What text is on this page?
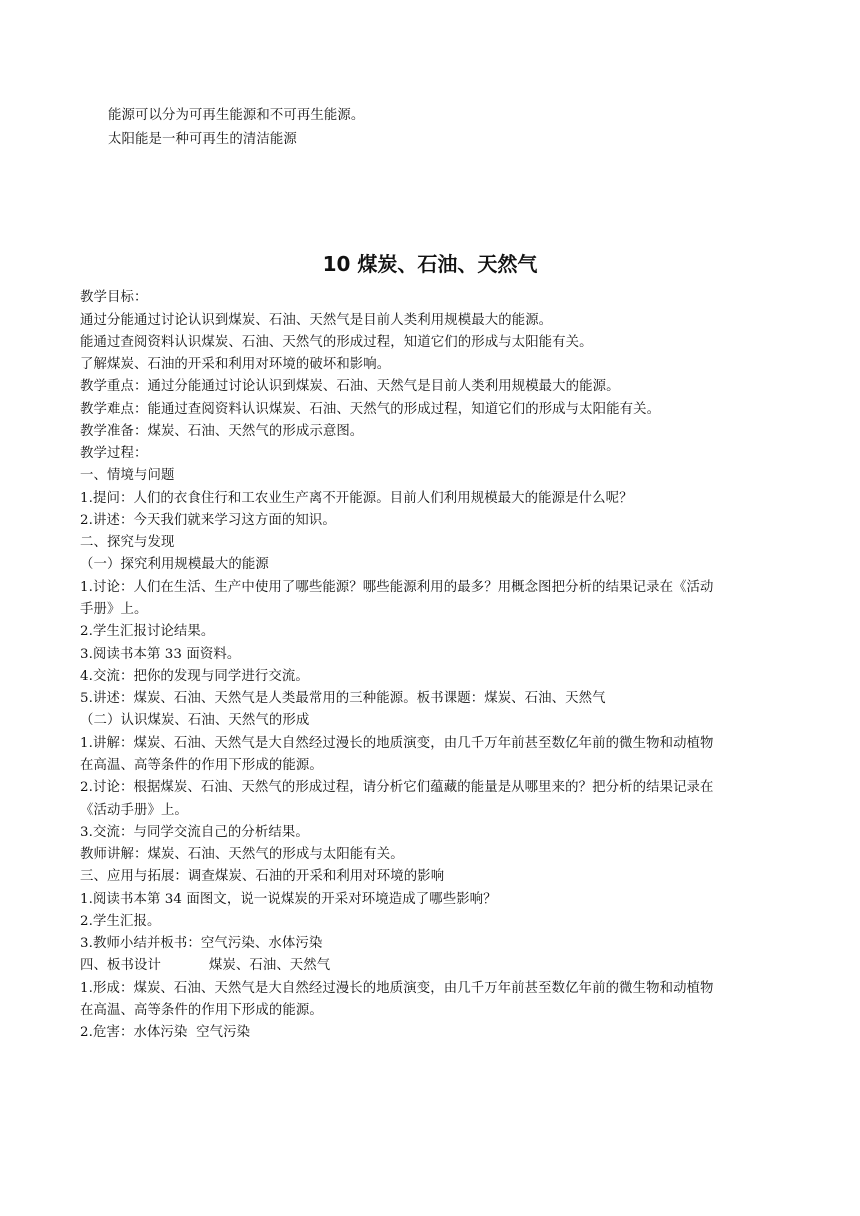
能源可以分为可再生能源和不可再生能源。
太阳能是一种可再生的清洁能源
10 煤炭、石油、天然气
教学目标：
通过分能通过讨论认识到煤炭、石油、天然气是目前人类利用规模最大的能源。
能通过查阅资料认识煤炭、石油、天然气的形成过程，知道它们的形成与太阳能有关。
了解煤炭、石油的开采和利用对环境的破坏和影响。
教学重点：通过分能通过讨论认识到煤炭、石油、天然气是目前人类利用规模最大的能源。
教学难点：能通过查阅资料认识煤炭、石油、天然气的形成过程，知道它们的形成与太阳能有关。
教学准备：煤炭、石油、天然气的形成示意图。
教学过程：
一、情境与问题
1.提问：人们的衣食住行和工农业生产离不开能源。目前人们利用规模最大的能源是什么呢？
2.讲述：今天我们就来学习这方面的知识。
二、探究与发现
（一）探究利用规模最大的能源
1.讨论：人们在生活、生产中使用了哪些能源？哪些能源利用的最多？用概念图把分析的结果记录在《活动
手册》上。
2.学生汇报讨论结果。
3.阅读书本第 33 面资料。
4.交流：把你的发现与同学进行交流。
5.讲述：煤炭、石油、天然气是人类最常用的三种能源。板书课题：煤炭、石油、天然气
（二）认识煤炭、石油、天然气的形成
1.讲解：煤炭、石油、天然气是大自然经过漫长的地质演变，由几千万年前甚至数亿年前的微生物和动植物
在高温、高等条件的作用下形成的能源。
2.讨论：根据煤炭、石油、天然气的形成过程，请分析它们蕴藏的能量是从哪里来的？把分析的结果记录在
《活动手册》上。
3.交流：与同学交流自己的分析结果。
教师讲解：煤炭、石油、天然气的形成与太阳能有关。
三、应用与拓展：调查煤炭、石油的开采和利用对环境的影响
1.阅读书本第 34 面图文，说一说煤炭的开采对环境造成了哪些影响？
2.学生汇报。
3.教师小结并板书：空气污染、水体污染
四、板书设计           煤炭、石油、天然气
1.形成：煤炭、石油、天然气是大自然经过漫长的地质演变，由几千万年前甚至数亿年前的微生物和动植物
在高温、高等条件的作用下形成的能源。
2.危害：水体污染  空气污染
